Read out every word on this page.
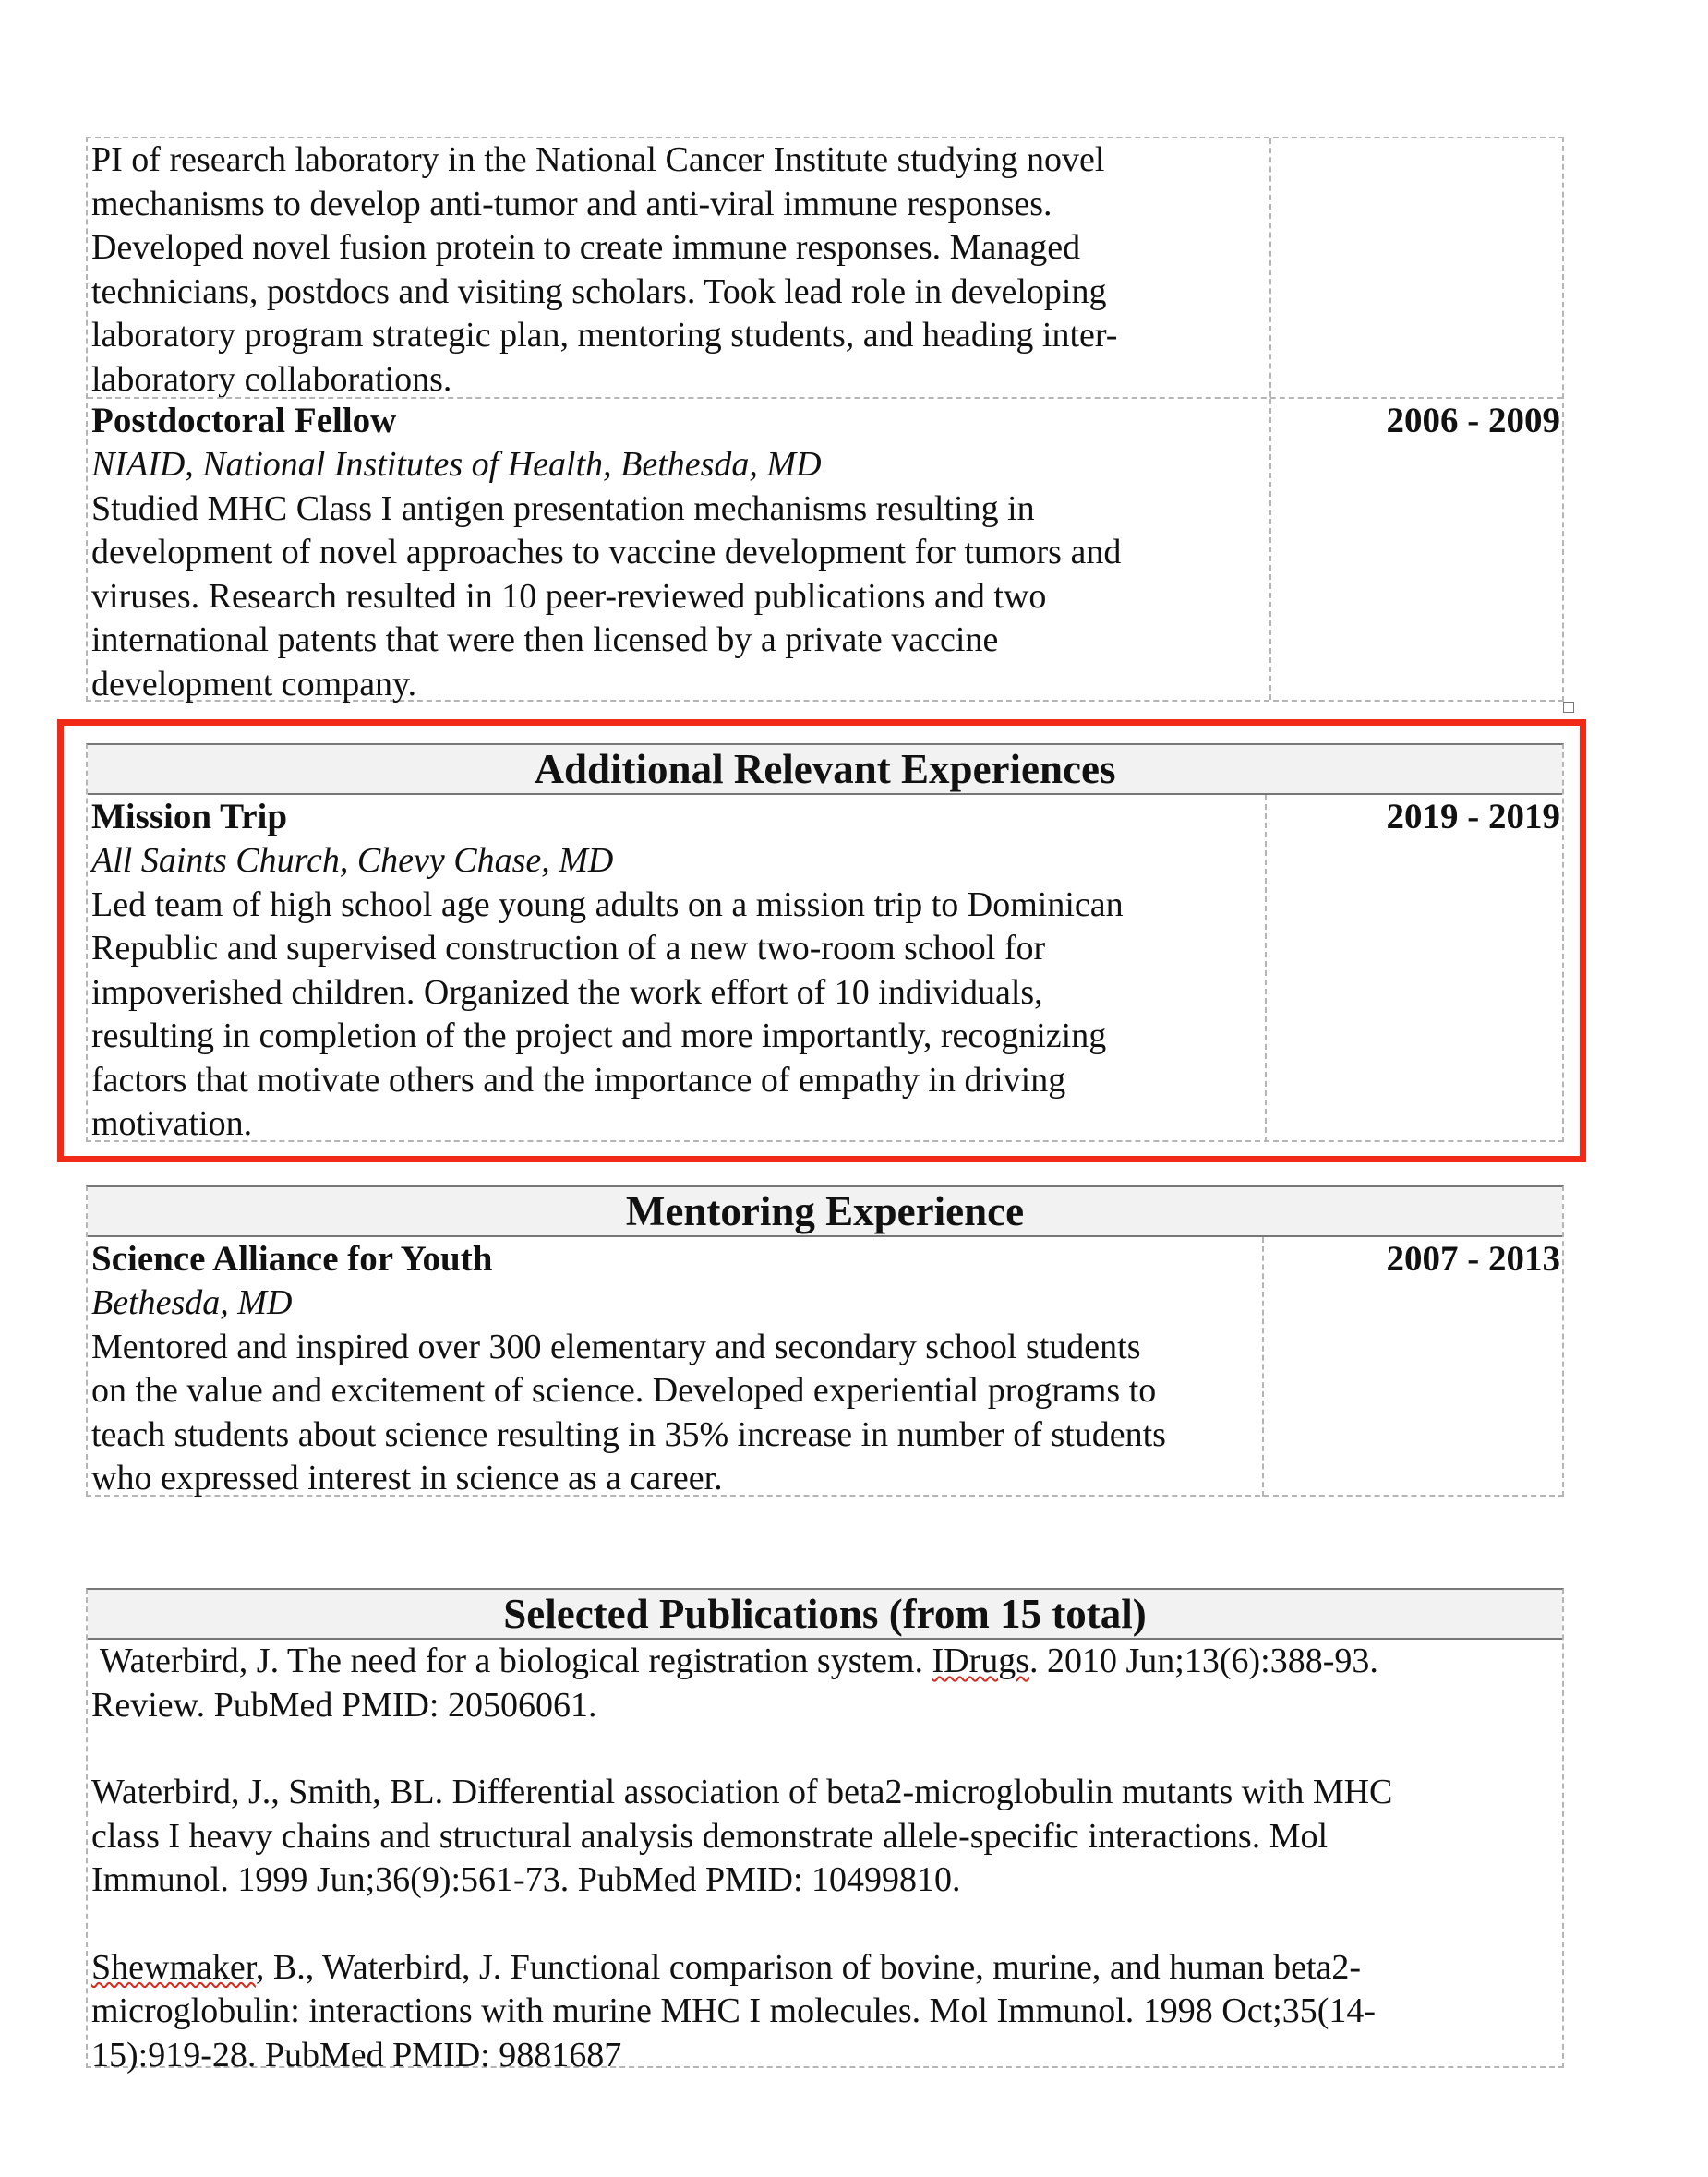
PI of research laboratory in the National Cancer Institute studying novel
mechanisms to develop anti-tumor and anti-viral immune responses.
Developed novel fusion protein to create immune responses. Managed
technicians, postdocs and visiting scholars. Took lead role in developing
laboratory program strategic plan, mentoring students, and heading inter-
laboratory collaborations.

Postdoctoral Fellow

NIAID, National Institutes of Health, Bethesda, MD

Studied MHC Class I antigen presentation mechanisms resulting in
development of novel approaches to vaccine development for tumors and
viruses. Research resulted in 10 peer-reviewed publications and two
international patents that were then licensed by a private vaccine
development company.

2006 - 2009
Additional Relevant Experiences

Mission Trip

All Saints Church, Chevy Chase, MD

Led team of high school age young adults on a mission trip to Dominican
Republic and supervised construction of a new two-room school for
impoverished children. Organized the work effort of 10 individuals,
resulting in completion of the project and more importantly, recognizing
factors that motivate others and the importance of empathy in driving
motivation.

2019 - 2019
Mentoring Experience

Science Alliance for Youth

Bethesda, MD

Mentored and inspired over 300 elementary and secondary school students
on the value and excitement of science. Developed experiential programs to
teach students about science resulting in 35% increase in number of students
who expressed interest in science as a career.

2007 - 2013
Selected Publications (from 15 total)

Waterbird, J. The need for a biological registration system. IDrugs. 2010 Jun;13(6):388-93.
Review. PubMed PMID: 20506061.

Waterbird, J., Smith, BL. Differential association of beta2-microglobulin mutants with MHC
class I heavy chains and structural analysis demonstrate allele-specific interactions. Mol
Immunol. 1999 Jun;36(9):561-73. PubMed PMID: 10499810.

Shewmaker, B., Waterbird, J. Functional comparison of bovine, murine, and human beta2-
microglobulin: interactions with murine MHC I molecules. Mol Immunol. 1998 Oct;35(14-
15):919-28. PubMed PMID: 9881687
